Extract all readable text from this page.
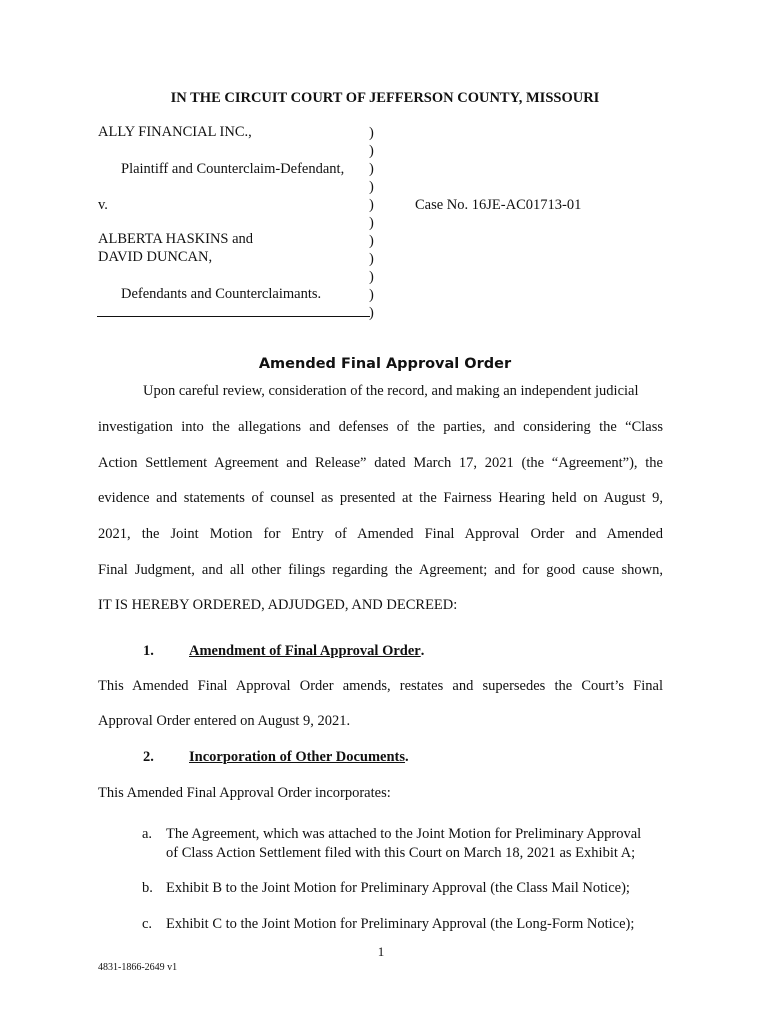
IN THE CIRCUIT COURT OF JEFFERSON COUNTY, MISSOURI
ALLY FINANCIAL INC.,
Plaintiff and Counterclaim-Defendant,
v.
ALBERTA HASKINS and
DAVID DUNCAN,
Defendants and Counterclaimants.
Case No. 16JE-AC01713-01
)
)
)
)
)
)
)
)
)
)
)
Amended Final Approval Order
Upon careful review, consideration of the record, and making an independent judicial
investigation into the allegations and defenses of the parties, and considering the “Class
Action Settlement Agreement and Release” dated March 17, 2021 (the “Agreement”), the
evidence and statements of counsel as presented at the Fairness Hearing held on August 9,
2021, the Joint Motion for Entry of Amended Final Approval Order and Amended
Final Judgment, and all other filings regarding the Agreement; and for good cause shown,
IT IS HEREBY ORDERED, ADJUDGED, AND DECREED:
1. Amendment of Final Approval Order.
This Amended Final Approval Order amends, restates and supersedes the Court’s Final
Approval Order entered on August 9, 2021.
2. Incorporation of Other Documents.
This Amended Final Approval Order incorporates:
a. The Agreement, which was attached to the Joint Motion for Preliminary Approval
of Class Action Settlement filed with this Court on March 18, 2021 as Exhibit A;
b. Exhibit B to the Joint Motion for Preliminary Approval (the Class Mail Notice);
c. Exhibit C to the Joint Motion for Preliminary Approval (the Long-Form Notice);
1
4831-1866-2649 v1
